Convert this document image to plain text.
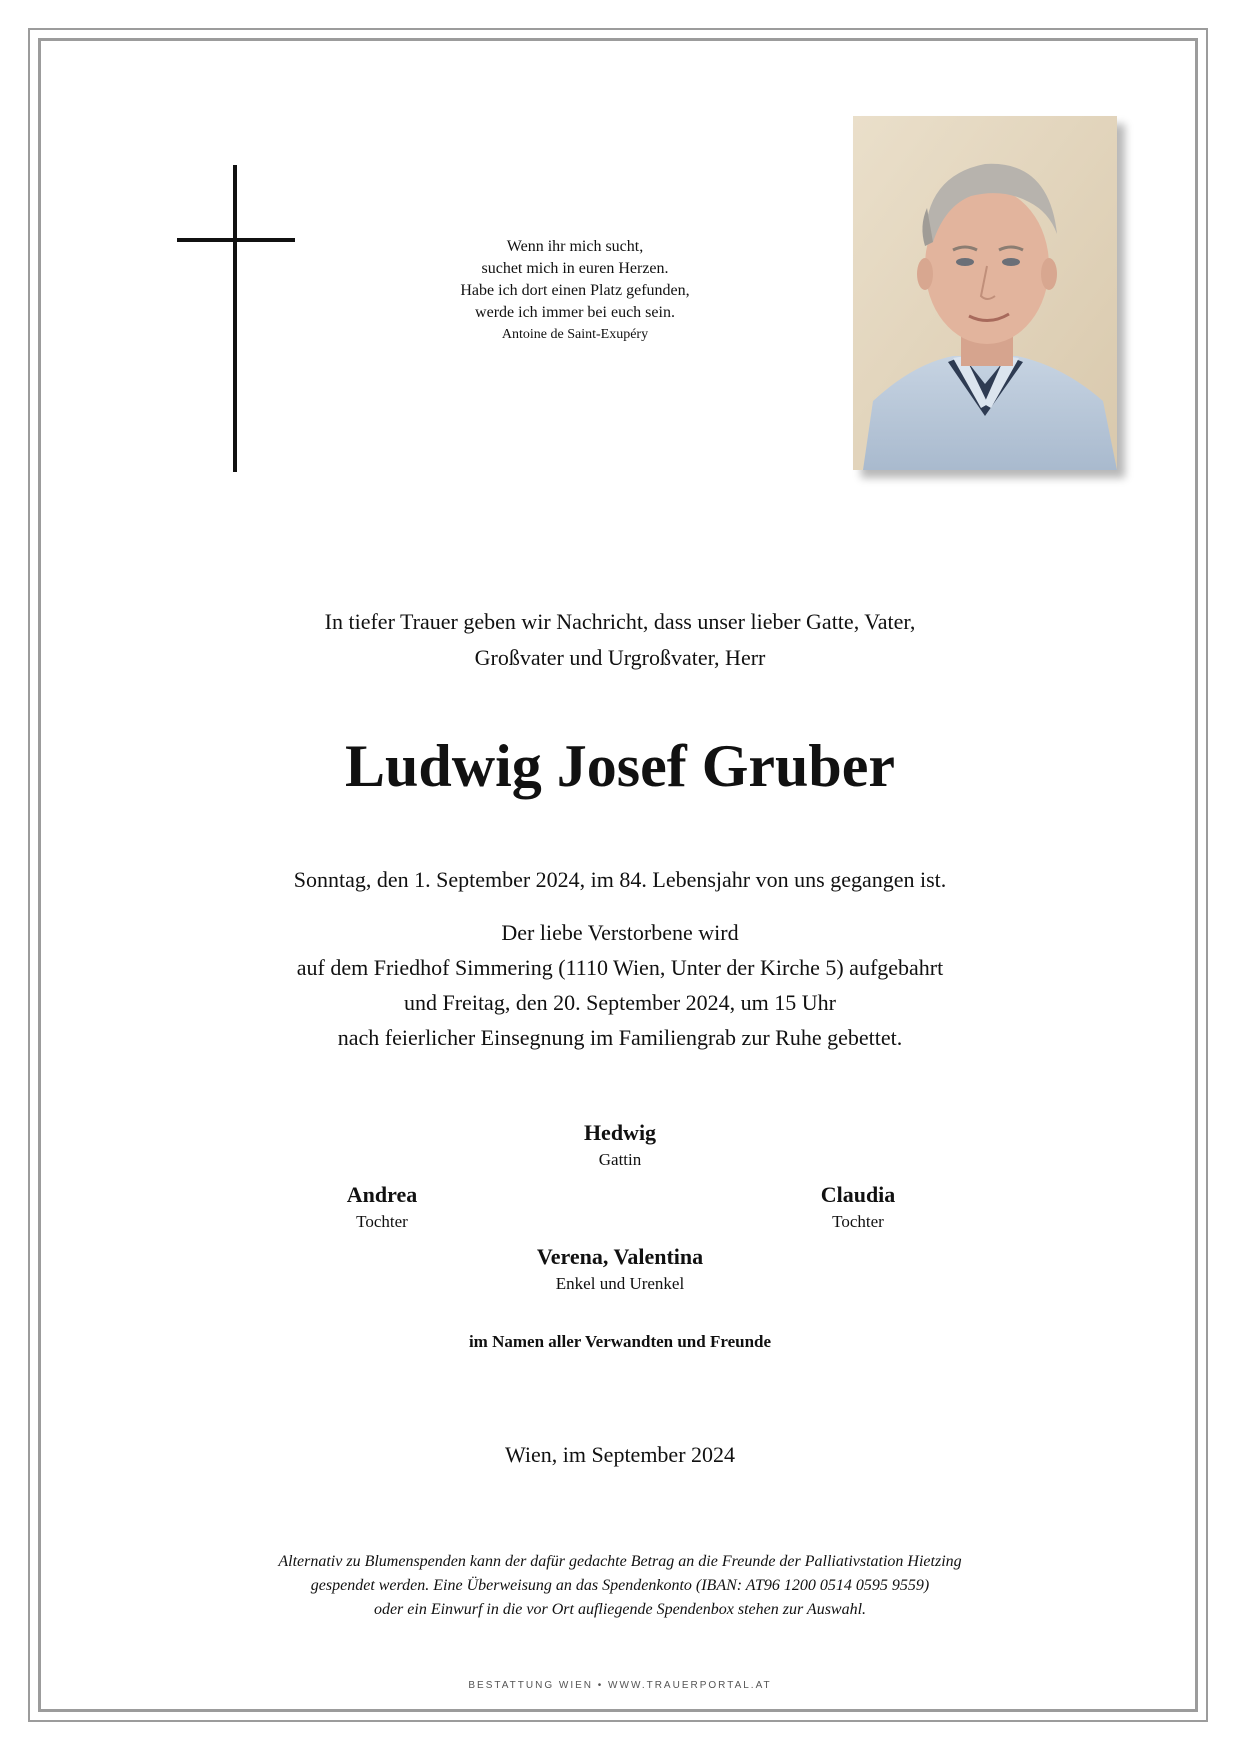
Wenn ihr mich sucht,
suchet mich in euren Herzen.
Habe ich dort einen Platz gefunden,
werde ich immer bei euch sein.
Antoine de Saint-Exupéry
In tiefer Trauer geben wir Nachricht, dass unser lieber Gatte, Vater,
Großvater und Urgroßvater, Herr
Ludwig Josef Gruber
Sonntag, den 1. September 2024, im 84. Lebensjahr von uns gegangen ist.
Der liebe Verstorbene wird
auf dem Friedhof Simmering (1110 Wien, Unter der Kirche 5) aufgebahrt
und Freitag, den 20. September 2024, um 15 Uhr
nach feierlicher Einsegnung im Familiengrab zur Ruhe gebettet.
Hedwig
Gattin
Andrea
Tochter
Claudia
Tochter
Verena, Valentina
Enkel und Urenkel
im Namen aller Verwandten und Freunde
Wien, im September 2024
Alternativ zu Blumenspenden kann der dafür gedachte Betrag an die Freunde der Palliativstation Hietzing
gespendet werden. Eine Überweisung an das Spendenkonto (IBAN: AT96 1200 0514 0595 9559)
oder ein Einwurf in die vor Ort aufliegende Spendenbox stehen zur Auswahl.
BESTATTUNG WIEN • WWW.TRAUERPORTAL.AT
